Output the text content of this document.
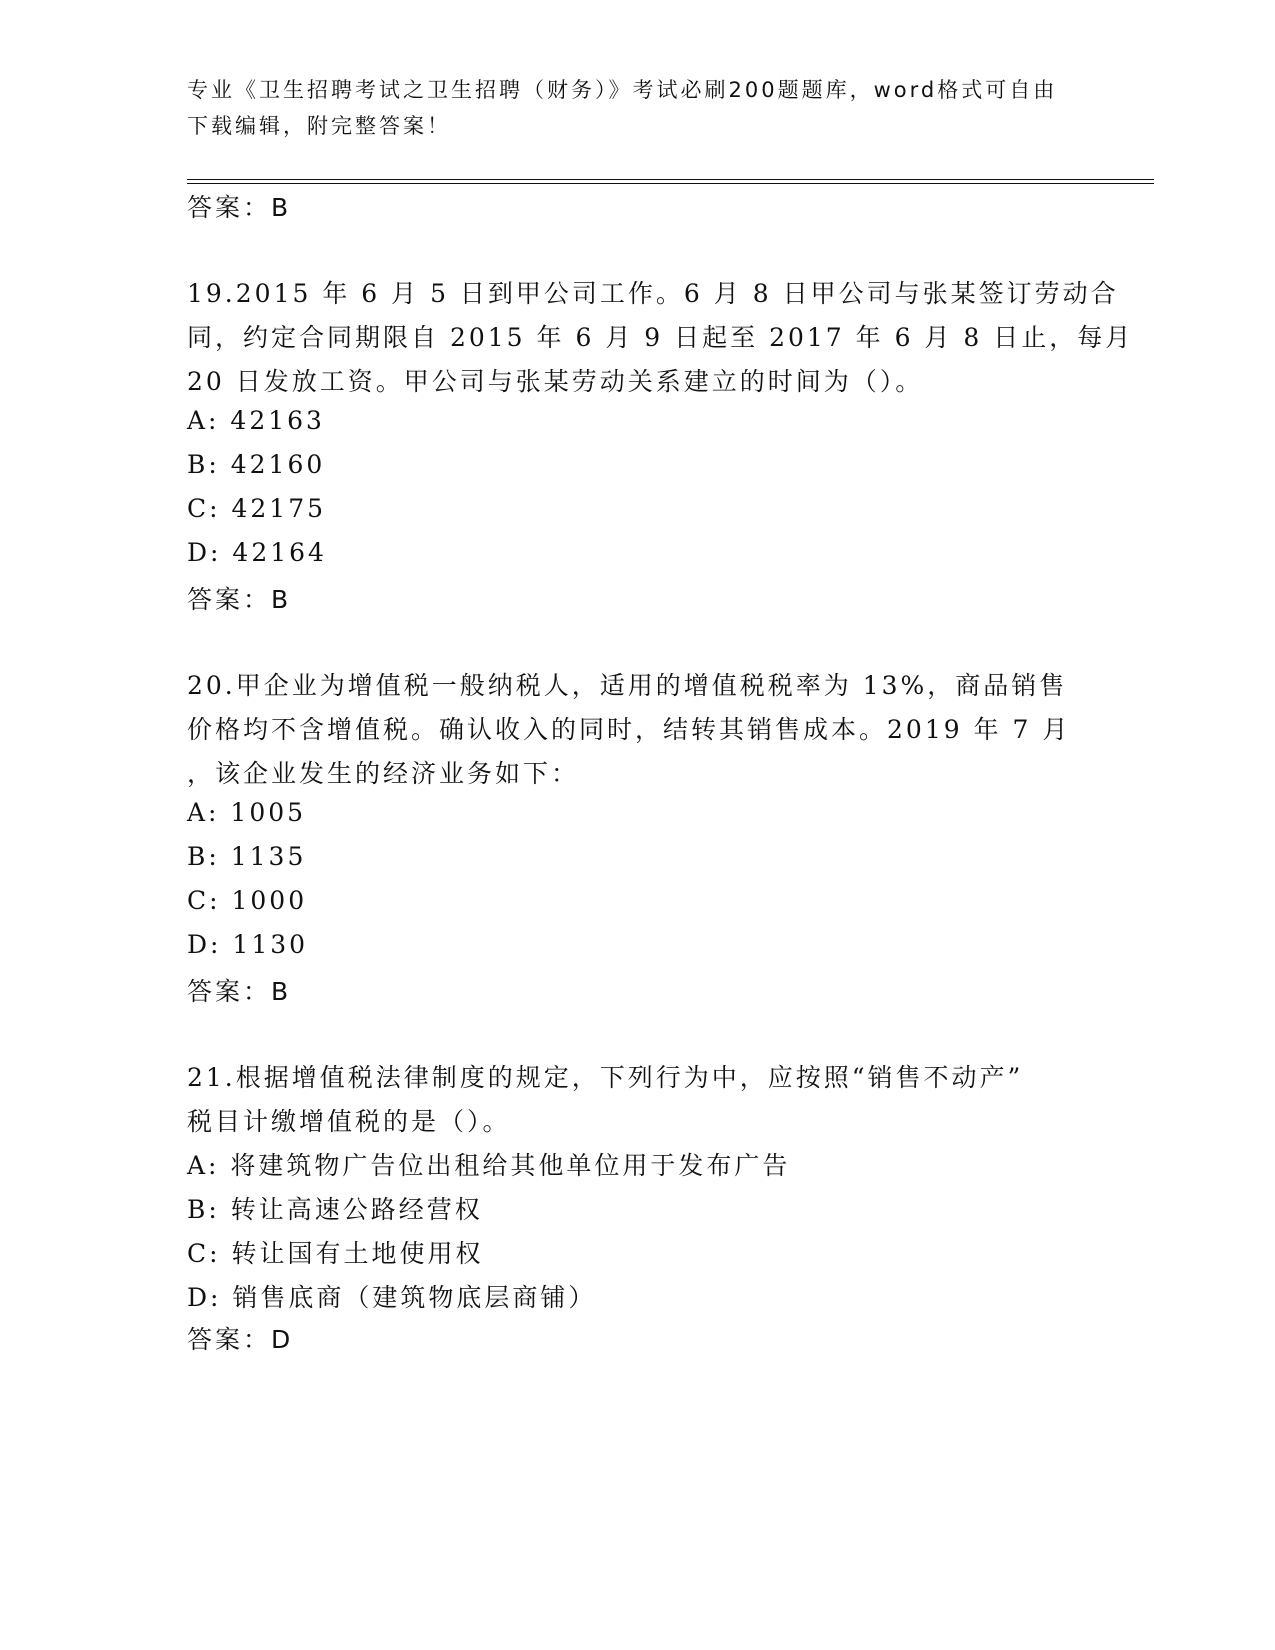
专业《卫生招聘考试之卫生招聘（财务）》考试必刷200题题库，word格式可自由下载编辑，附完整答案！
答案：B
19.2015 年 6 月 5 日到甲公司工作。6 月 8 日甲公司与张某签订劳动合
同，约定合同期限自 2015 年 6 月 9 日起至 2017 年 6 月 8 日止，每月
20 日发放工资。甲公司与张某劳动关系建立的时间为（）。
A: 42163
B: 42160
C: 42175
D: 42164
答案：B
20.甲企业为增值税一般纳税人，适用的增值税税率为 13%，商品销售
价格均不含增值税。确认收入的同时，结转其销售成本。2019 年 7 月
，该企业发生的经济业务如下：
A: 1005
B: 1135
C: 1000
D: 1130
答案：B
21.根据增值税法律制度的规定，下列行为中，应按照“销售不动产”
税目计缴增值税的是（）。
A: 将建筑物广告位出租给其他单位用于发布广告
B: 转让高速公路经营权
C: 转让国有土地使用权
D: 销售底商（建筑物底层商铺）
答案：D
